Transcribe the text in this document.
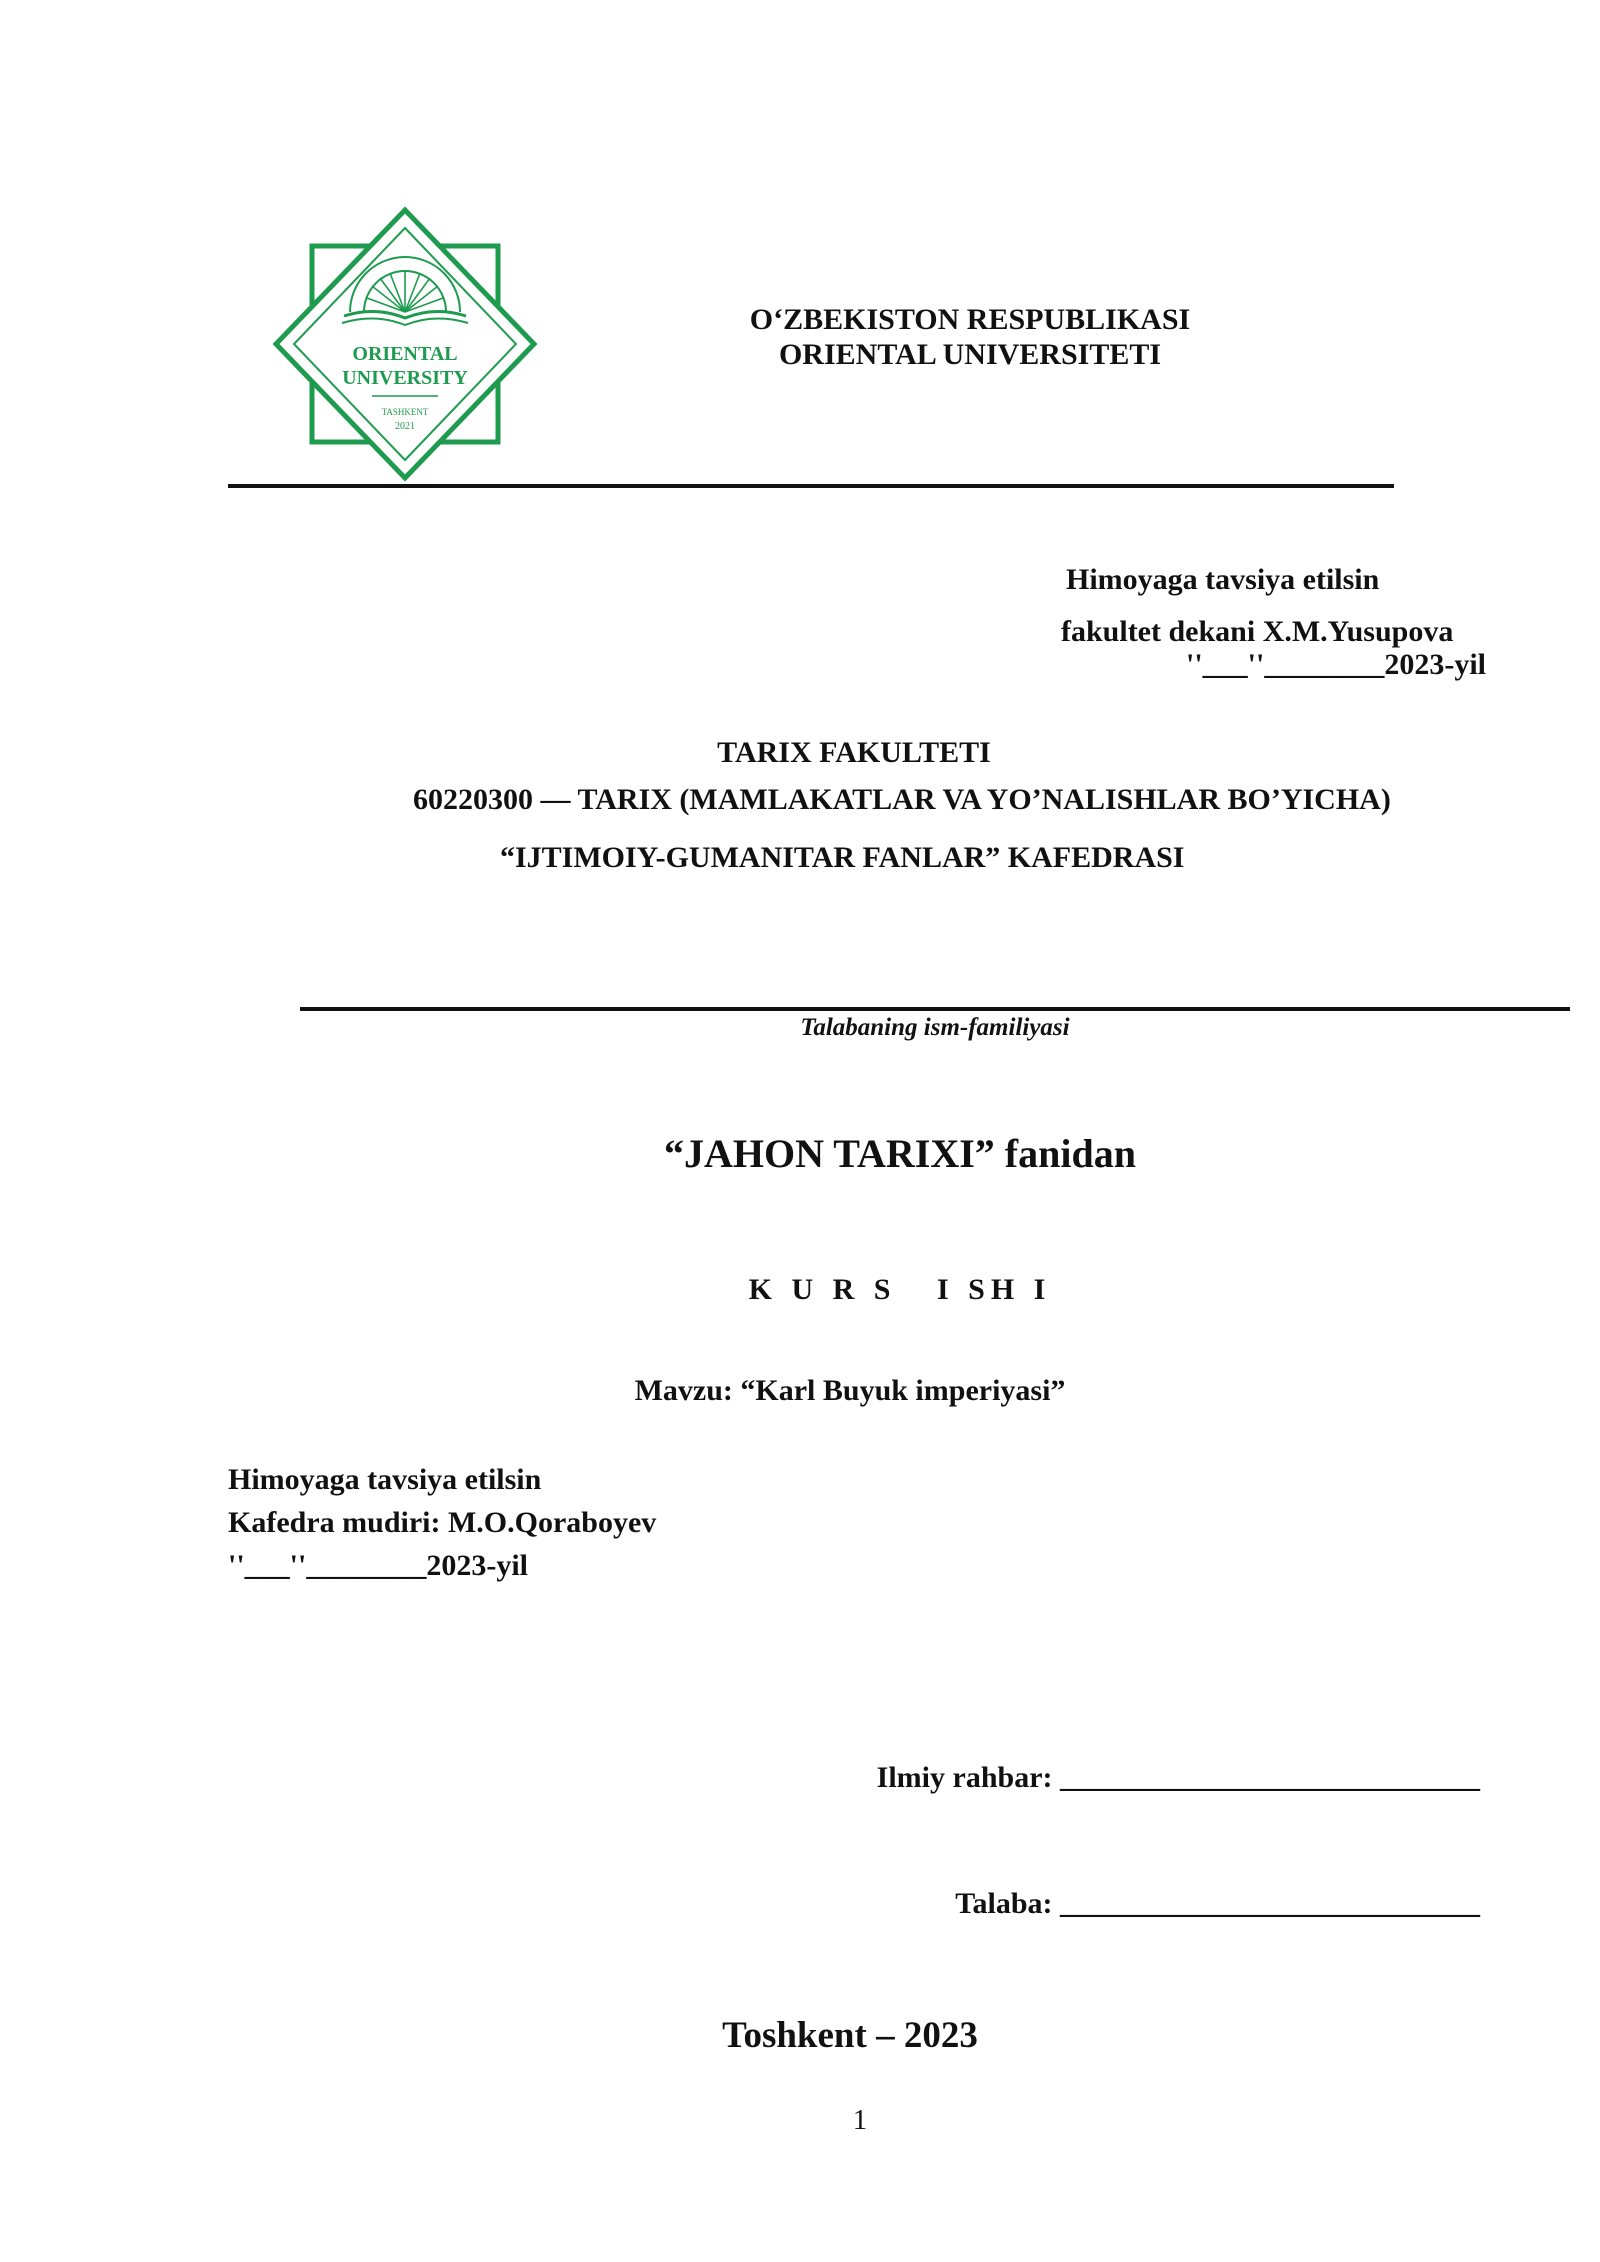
ORIENTAL
UNIVERSITY
TASHKENT
2021
O‘ZBEKISTON RESPUBLIKASI
ORIENTAL UNIVERSITETI
Himoyaga tavsiya etilsin
fakultet dekani X.M.Yusupova
''___''________2023-yil
TARIX FAKULTETI
60220300 — TARIX (MAMLAKATLAR VA YO’NALISHLAR BO’YICHA)
“IJTIMOIY-GUMANITAR FANLAR” KAFEDRASI
Talabaning ism-familiyasi
“JAHON TARIXI” fanidan
K U R S   I SH I
Mavzu: “Karl Buyuk imperiyasi”
Himoyaga tavsiya etilsin
Kafedra mudiri: M.O.Qoraboyev
''___''________2023-yil

Ilmiy rahbar: ____________________________

Talaba: ____________________________

Toshkent – 2023
1
